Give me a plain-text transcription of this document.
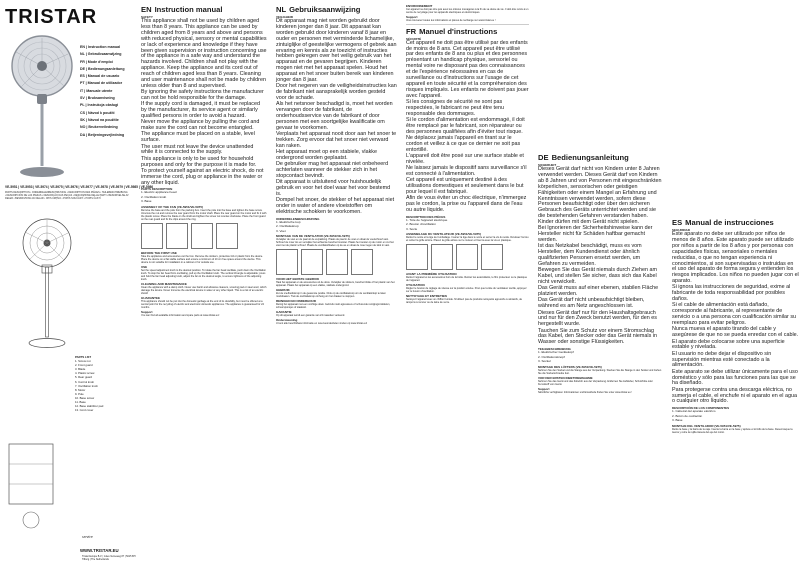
TRISTAR
EN | Instruction manual
NL | Gebruiksaanwijzing
FR | Mode d'emploi
DE | Bedienungsanleitung
ES | Manual de usuario
PT | Manual de utilizador
IT | Manuale utente
SV | Bruksanvisning
PL | Instrukcja obsługi
CS | Návod k použití
SK | Návod na použitie
NO | Brukerveiledning
DA | Betjeningsvejledning
VE-5951 | VE-5953 | VE-5974 | VE-5975 | VE-5976 | VE-5977 | VE-5978 | VE-5979 | VE-5985 | VE-5986
PARTS DESCRIPTION • ONDERDELENBESCHRIJVING • DESCRIPTION DES PIÈCES • TEILEBESCHREIBUNG • DESCRIPCIÓN DE LAS PIEZAS • DESCRIÇÃO DAS PEÇAS • DESCRIZIONE DELLE PARTI • BESKRIVELSE AV DELER • BESKRIVNING AV DELAR • OPIS CZĘŚCI • POPIS SOUČÁSTÍ • POPIS ČASTÍ
PARTS LIST
1. Screw nut
2. Front guard
3. Blade
4. Plastic screw
5. Rear guard
6. Control knob
7. Oscillation knob
8. Motor
9. Pole
10. Base screw
11. Base
12. Base stabilizer pad
13. Cord cover
service
WWW.TRISTAR.EU
Tristar Europe B.V. | Jules Verneweg 87 | 5015 BH Tilburg | The Netherlands
EN Instruction manual
SAFETY

This appliance shall not be used by children aged less than 8 years. This appliance can be used by children aged from 8 years and above and persons with reduced physical, sensory or mental capabilities or lack of experience and knowledge if they have been given supervision or instruction concerning use of the appliance in a safe way and understand the hazards involved. Children shall not play with the appliance. Keep the appliance and its cord out of reach of children aged less than 8 years. Cleaning and user maintenance shall not be made by children unless older than 8 and supervised.

By ignoring the safety instructions the manufacturer can not be hold responsible for the damage.

If the supply cord is damaged, it must be replaced by the manufacturer, its service agent or similarly qualified persons in order to avoid a hazard.

Never move the appliance by pulling the cord and make sure the cord can not become entangled.

The appliance must be placed on a stable, level surface.

The user must not leave the device unattended while it is connected to the supply.

This appliance is only to be used for household purposes and only for the purpose it is made for.

To protect yourself against an electric shock, do not immerse the cord, plug or appliance in the water or any other liquid.

PARTS DESCRIPTION

1. Electric appliance head

2. Oscillation knob

3. Base

ASSEMBLY OF THE FAN (VE-5951/VE-5975)
Remove the base and the pole from the packing box. Insert the pole into the base and tighten the base screw. Unscrew the nut and remove the rear guard from the motor shaft. Place the rear guard on the motor and fix it with the plastic screw. Place the blade on the shaft and tighten the screw nut counter-clockwise. Place the front guard on the rear guard and fix the clips around the ring.
BEFORE THE FIRST USE
Take the appliance and accessories out the box. Remove the stickers, protective foil or plastic from the device. Place the device on a flat stable surface and ensure a minimum of 10 cm free space around the device. This device is not suitable for installation in a cabinet or for outside use.
USE
Set the speed adjustment knob to the desired position. To rotate the fan head oscillate, push down the Oscillation knob. To stop the fan head from oscillating, pull up the Oscillation knob. The vertical tilt angle is adjustable; press and hold the fan head adjusting knob, adjust the fan to the desired angle, to ensure tightness of the adjusting knob.
CLEANING AND MAINTENANCE
Clean the appliance with a damp cloth. Never use harsh and abrasive cleaners, scouring pad or steel wool, which damage the device. Never immerse the electrical device in water or any other liquid. This is a risk of an electric shock!
GUARANTEE
This appliance should not be put into the domestic garbage at the end of its durability, but must be offered at a central point for the recycling of electric and electronic domestic appliances. The appliance is guaranteed for 24 months.
Support
You can find all available information and spare parts at www.tristar.eu!
NL Gebruiksaanwijzing
VEILIGHEID

Dit apparaat mag niet worden gebruikt door kinderen jonger dan 8 jaar. Dit apparaat kan worden gebruikt door kinderen vanaf 8 jaar en ouder en personen met verminderde lichamelijke, zintuiglijke of geestelijke vermogens of gebrek aan ervaring en kennis als ze toezicht of instructies hebben gekregen over het veilig gebruik van het apparaat en de gevaren begrijpen. Kinderen mogen niet met het apparaat spelen. Houd het apparaat en het snoer buiten bereik van kinderen jonger dan 8 jaar.

Door het negeren van de veiligheidsinstructies kan de fabrikant niet aansprakelijk worden gesteld voor de schade.

Als het netsnoer beschadigd is, moet het worden vervangen door de fabrikant, de onderhoudsservice van de fabrikant of door personen met een soortgelijke kwalificatie om gevaar te voorkomen.

Verplaats het apparaat nooit door aan het snoer te trekken. Zorg ervoor dat het snoer niet verward kan raken.

Het apparaat moet op een stabiele, vlakke ondergrond worden geplaatst.

De gebruiker mag het apparaat niet onbeheerd achterlaten wanneer de stekker zich in het stopcontact bevindt.

Dit apparaat is uitsluitend voor huishoudelijk gebruik en voor het doel waar het voor bestemd is.

Dompel het snoer, de stekker of het apparaat niet onder in water of andere vloeistoffen om elektrische schokken te voorkomen.

ONDERDELENBESCHRIJVING

1. Elektrische kop

2. Oscillatieknop

3. Voet

MONTAGE VAN DE VENTILATOR (VE-5951/VE-5975)
Verwijder de voet en de paal uit de verpakking. Plaats de paal in de voet en draai de voetschroef vast. Schroef de moer los en verwijder het achterste beschermrooster. Plaats het rooster op de motor en zet het vast met de plastic schroef. Plaats de ventilatorbladen op de as en draai de moer tegen de klok in vast.
VOOR HET EERSTE GEBRUIK
Haal het apparaat en de accessoires uit de doos. Verwijder de stickers, beschermfolie of het plastic van het apparaat. Plaats het apparaat op een vlakke, stabiele ondergrond.
GEBRUIK
Zet de snelheidsknop in de gewenste positie. Druk op de oscillatieknop om de ventilatorkop te laten ronddraaien. Trek de oscillatieknop omhoog om het draaien te stoppen.
REINIGEN EN ONDERHOUD
Reinig het apparaat met een vochtige doek. Gebruik nooit agressieve of schurende reinigingsmiddelen, schuursponsjes of staalwol.
GARANTIE
Op dit apparaat wordt een garantie van 24 maanden verleend.
Ondersteuning
U kunt alle beschikbare informatie en reserveonderdelen vinden op www.tristar.eu!
ENVIRONNEMENT
Cet appareil ne doit pas être jeté avec les ordures ménagères à la fin de sa durée de vie. Il doit être remis à un centre de recyclage pour les appareils électriques et électroniques.
Support
Vous trouverez toutes les informations et pièces de rechange sur www.tristar.eu !
FR Manuel d'instructions
SÉCURITÉ

Cet appareil ne doit pas être utilisé par des enfants de moins de 8 ans. Cet appareil peut être utilisé par des enfants de 8 ans ou plus et des personnes présentant un handicap physique, sensoriel ou mental voire ne disposant pas des connaissances et de l'expérience nécessaires en cas de surveillance ou d'instructions sur l'usage de cet appareil en toute sécurité et la compréhension des risques impliqués. Les enfants ne doivent pas jouer avec l'appareil.

Si les consignes de sécurité ne sont pas respectées, le fabricant ne peut être tenu responsable des dommages.

Si le cordon d'alimentation est endommagé, il doit être remplacé par le fabricant, son réparateur ou des personnes qualifiées afin d'éviter tout risque.

Ne déplacez jamais l'appareil en tirant sur le cordon et veillez à ce que ce dernier ne soit pas entortillé.

L'appareil doit être posé sur une surface stable et nivelée.

Ne laissez jamais le dispositif sans surveillance s'il est connecté à l'alimentation.

Cet appareil est uniquement destiné à des utilisations domestiques et seulement dans le but pour lequel il est fabriqué.

Afin de vous éviter un choc électrique, n'immergez pas le cordon, la prise ou l'appareil dans de l'eau ou autre liquide.

DESCRIPTION DES PIÈCES

1. Tête de l'appareil électrique

2. Bouton d'oscillation

3. Socle

ASSEMBLAGE DU VENTILATEUR (VE-5951/VE-5975)
Retirez le socle et la tige de l'emballage. Insérez la tige dans le socle et serrez la vis du socle. Dévissez l'écrou et retirez la grille arrière. Placez la grille arrière sur le moteur et fixez-la avec la vis en plastique.
AVANT LA PREMIÈRE UTILISATION
Retirez l'appareil et les accessoires hors de la boîte. Retirez les autocollants, le film protecteur ou le plastique de l'appareil.
UTILISATION
Réglez le bouton de réglage de vitesse sur la position voulue. Pour que la tête du ventilateur oscille, appuyez sur le bouton d'oscillation.
NETTOYAGE ET ENTRETIEN
Nettoyez l'appareil avec un chiffon humide. N'utilisez pas de produits nettoyants agressifs ou abrasifs, de tampons à récurer ou de laine de verre.
DE Bedienungsanleitung
SICHERHEIT

Dieses Gerät darf nicht von Kindern unter 8 Jahren verwendet werden. Dieses Gerät darf von Kindern ab 8 Jahren und von Personen mit eingeschränkten körperlichen, sensorischen oder geistigen Fähigkeiten oder einem Mangel an Erfahrung und Kenntnissen verwendet werden, sofern diese Personen beaufsichtigt oder über den sicheren Gebrauch des Geräts unterrichtet werden und sie die bestehenden Gefahren verstanden haben. Kinder dürfen mit dem Gerät nicht spielen.

Bei Ignorieren der Sicherheitshinweise kann der Hersteller nicht für Schäden haftbar gemacht werden.

Ist das Netzkabel beschädigt, muss es vom Hersteller, dem Kundendienst oder ähnlich qualifizierten Personen ersetzt werden, um Gefahren zu vermeiden.

Bewegen Sie das Gerät niemals durch Ziehen am Kabel, und stellen Sie sicher, dass sich das Kabel nicht verwickelt.

Das Gerät muss auf einer ebenen, stabilen Fläche platziert werden.

Das Gerät darf nicht unbeaufsichtigt bleiben, während es am Netz angeschlossen ist.

Dieses Gerät darf nur für den Haushaltsgebrauch und nur für den Zweck benutzt werden, für den es hergestellt wurde.

Tauchen Sie zum Schutz vor einem Stromschlag das Kabel, den Stecker oder das Gerät niemals in Wasser oder sonstige Flüssigkeiten.

TEILEBESCHREIBUNG

1. Elektrischer Gerätekopf

2. Oszillationsknopf

3. Sockel

MONTAGE DES LÜFTERS (VE-5951/VE-5975)
Nehmen Sie den Sockel und die Stange aus der Verpackung. Stecken Sie die Stange in den Sockel und ziehen Sie die Sockelschraube fest.
VOR DER ERSTEN INBETRIEBNAHME
Nehmen Sie das Gerät und das Zubehör aus der Verpackung. Entfernen Sie Aufkleber, Schutzfolie oder Kunststoff vom Gerät.
Support
Sämtliche verfügbaren Informationen und Ersatzteile finden Sie unter www.tristar.eu!
ES Manual de instrucciones
SEGURIDAD

Este aparato no debe ser utilizado por niños de menos de 8 años. Este aparato puede ser utilizado por niños a partir de los 8 años y por personas con capacidades físicas, sensoriales o mentales reducidas, o que no tengan experiencia ni conocimientos, si son supervisadas o instruidas en el uso del aparato de forma segura y entienden los riesgos implicados. Los niños no pueden jugar con el aparato.

Si ignora las instrucciones de seguridad, exime al fabricante de toda responsabilidad por posibles daños.

Si el cable de alimentación está dañado, corresponde al fabricante, al representante de servicio o a una persona con cualificación similar su reemplazo para evitar peligros.

Nunca mueva el aparato tirando del cable y asegúrese de que no se pueda enredar con el cable.

El aparato debe colocarse sobre una superficie estable y nivelada.

El usuario no debe dejar el dispositivo sin supervisión mientras esté conectado a la alimentación.

Este aparato se debe utilizar únicamente para el uso doméstico y sólo para las funciones para las que se ha diseñado.

Para protegerse contra una descarga eléctrica, no sumerja el cable, el enchufe ni el aparato en el agua o cualquier otro líquido.

DESCRIPCIÓN DE LOS COMPONENTES

1. Cabezal del aparato eléctrico

2. Botón de oscilación

3. Base

MONTAJE DEL VENTILADOR (VE-5951/VE-5975)
Retire la base y la barra de la caja. Inserte la barra en la base y apriete el tornillo de la base. Desenrosque la tuerca y retire la rejilla trasera del eje del motor.
